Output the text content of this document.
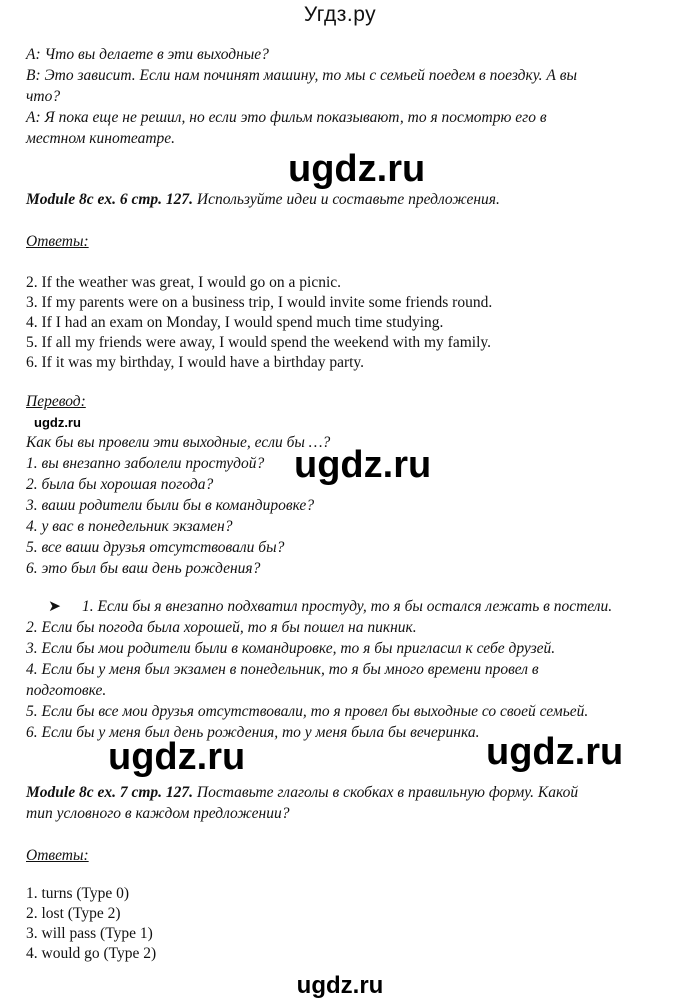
Угдз.ру
A: Что вы делаете в эти выходные?
B: Это зависит. Если нам починят машину, то мы с семьей поедем в поездку. А вы
что?
A: Я пока еще не решил, но если это фильм показывают, то я посмотрю его в
местном кинотеатре.
ugdz.ru
Module 8c ex. 6 стр. 127. Используйте идеи и составьте предложения.
Ответы:
2. If the weather was great, I would go on a picnic.
3. If my parents were on a business trip, I would invite some friends round.
4. If I had an exam on Monday, I would spend much time studying.
5. If all my friends were away, I would spend the weekend with my family.
6. If it was my birthday, I would have a birthday party.
Перевод:
ugdz.ru
Как бы вы провели эти выходные, если бы …?
1. вы внезапно заболели простудой?
2. была бы хорошая погода?
3. ваши родители были бы в командировке?
4. у вас в понедельник экзамен?
5. все ваши друзья отсутствовали бы?
6. это был бы ваш день рождения?
ugdz.ru
➤ 1. Если бы я внезапно подхватил простуду, то я бы остался лежать в постели.
2. Если бы погода была хорошей, то я бы пошел на пикник.
3. Если бы мои родители были в командировке, то я бы пригласил к себе друзей.
4. Если бы у меня был экзамен в понедельник, то я бы много времени провел в
подготовке.
5. Если бы все мои друзья отсутствовали, то я провел бы выходные со своей семьей.
6. Если бы у меня был день рождения, то у меня была бы вечеринка.
ugdz.ru	ugdz.ru
Module 8c ex. 7 стр. 127. Поставьте глаголы в скобках в правильную форму. Какой
тип условного в каждом предложении?
Ответы:
1. turns (Type 0)
2. lost (Type 2)
3. will pass (Type 1)
4. would go (Type 2)
ugdz.ru
